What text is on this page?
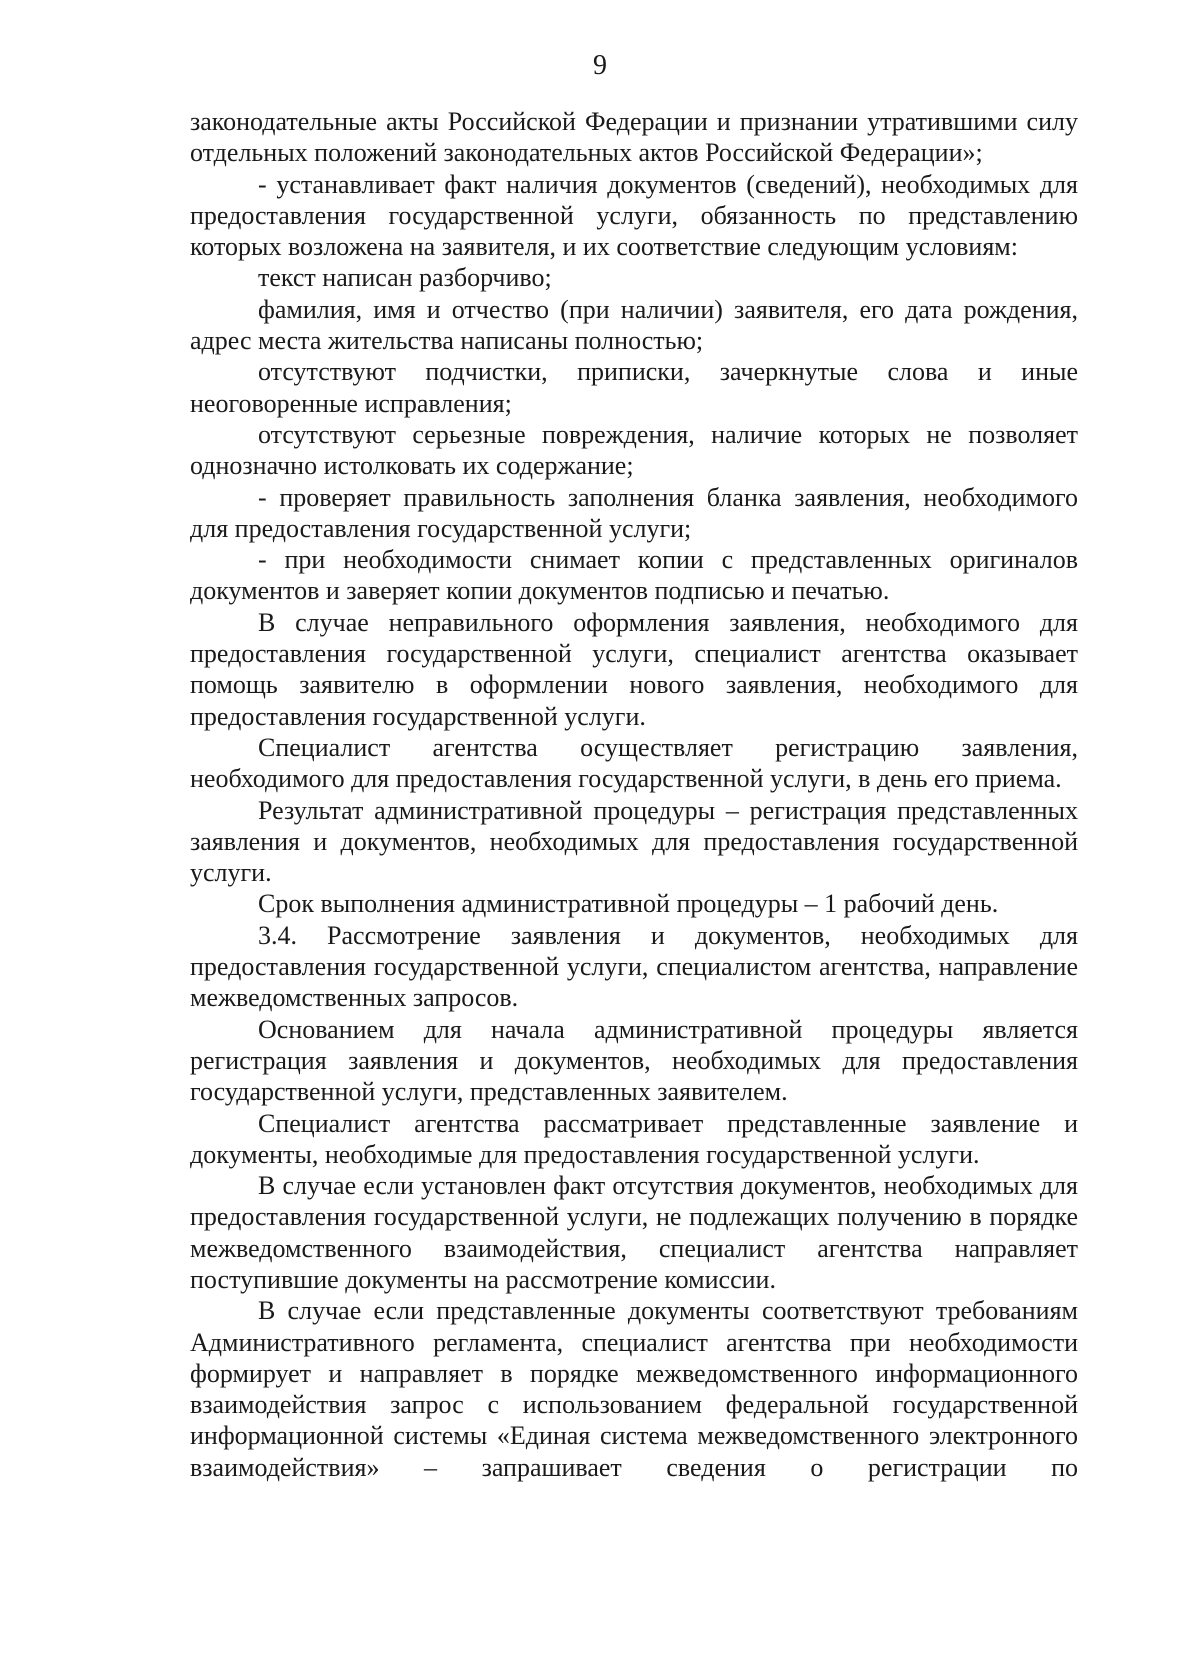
9

законодательные акты Российской Федерации и признании утратившими силу отдельных положений законодательных актов Российской Федерации»;

- устанавливает факт наличия документов (сведений), необходимых для предоставления государственной услуги, обязанность по представлению которых возложена на заявителя, и их соответствие следующим условиям:

текст написан разборчиво;

фамилия, имя и отчество (при наличии) заявителя, его дата рождения, адрес места жительства написаны полностью;

отсутствуют подчистки, приписки, зачеркнутые слова и иные неоговоренные исправления;

отсутствуют серьезные повреждения, наличие которых не позволяет однозначно истолковать их содержание;

- проверяет правильность заполнения бланка заявления, необходимого для предоставления государственной услуги;

- при необходимости снимает копии с представленных оригиналов документов и заверяет копии документов подписью и печатью.

В случае неправильного оформления заявления, необходимого для предоставления государственной услуги, специалист агентства оказывает помощь заявителю в оформлении нового заявления, необходимого для предоставления государственной услуги.

Специалист агентства осуществляет регистрацию заявления, необходимого для предоставления государственной услуги, в день его приема.

Результат административной процедуры – регистрация представленных заявления и документов, необходимых для предоставления государственной услуги.

Срок выполнения административной процедуры – 1 рабочий день.

3.4. Рассмотрение заявления и документов, необходимых для предоставления государственной услуги, специалистом агентства, направление межведомственных запросов.

Основанием для начала административной процедуры является регистрация заявления и документов, необходимых для предоставления государственной услуги, представленных заявителем.

Специалист агентства рассматривает представленные заявление и документы, необходимые для предоставления государственной услуги.

В случае если установлен факт отсутствия документов, необходимых для предоставления государственной услуги, не подлежащих получению в порядке межведомственного взаимодействия, специалист агентства направляет поступившие документы на рассмотрение комиссии.

В случае если представленные документы соответствуют требованиям Административного регламента, специалист агентства при необходимости формирует и направляет в порядке межведомственного информационного взаимодействия запрос с использованием федеральной государственной информационной системы «Единая система межведомственного электронного взаимодействия» – запрашивает сведения о регистрации по
